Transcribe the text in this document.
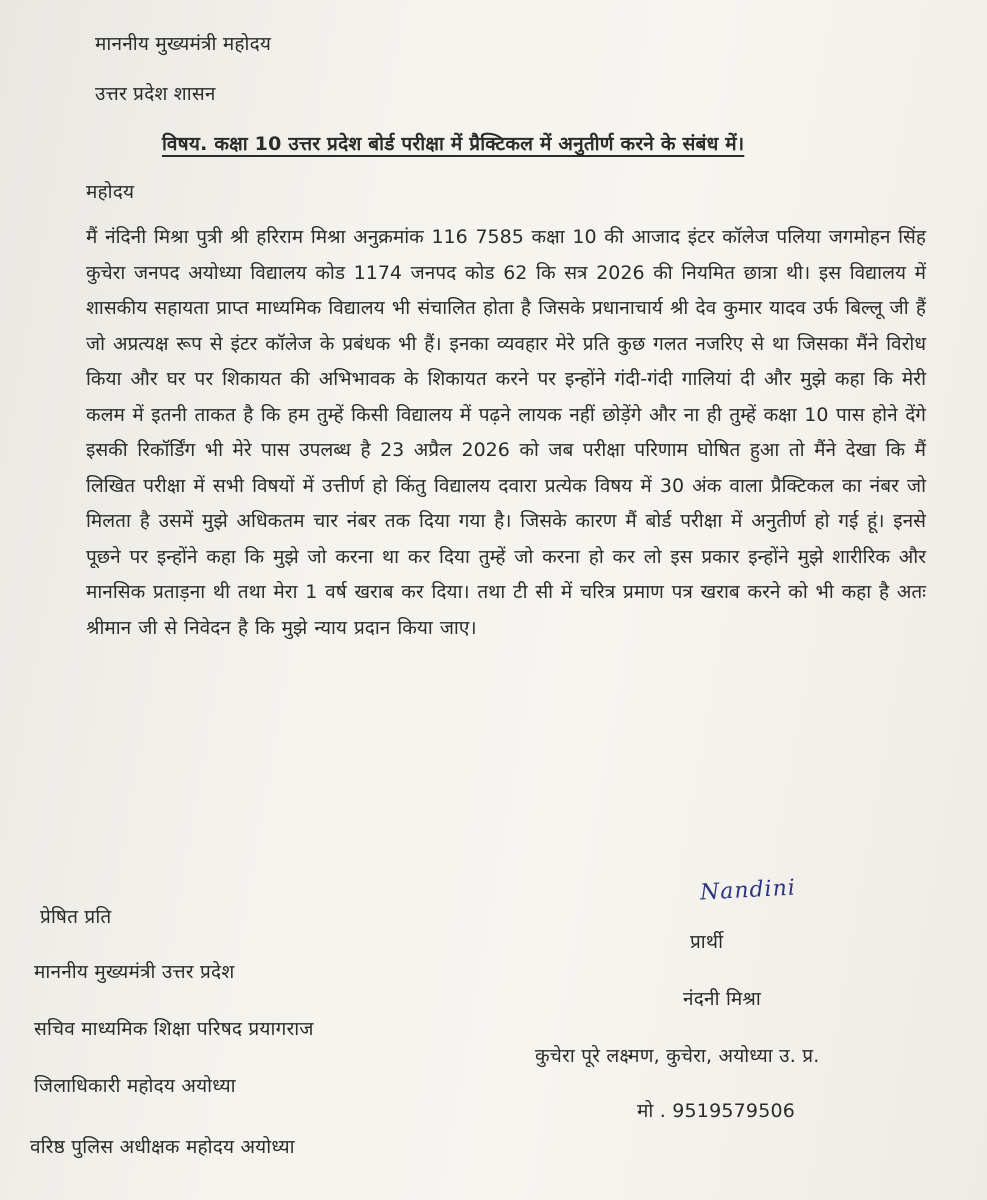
माननीय मुख्यमंत्री महोदय
उत्तर प्रदेश शासन
विषय. कक्षा 10 उत्तर प्रदेश बोर्ड परीक्षा में प्रैक्टिकल में अनुतीर्ण करने के संबंध में।
महोदय

मैं नंदिनी मिश्रा पुत्री श्री हरिराम मिश्रा अनुक्रमांक 116 7585 कक्षा 10 की आजाद इंटर कॉलेज पलिया जगमोहन सिंह कुचेरा जनपद अयोध्या विद्यालय कोड 1174 जनपद कोड 62 कि सत्र 2026 की नियमित छात्रा थी। इस विद्यालय में शासकीय सहायता प्राप्त माध्यमिक विद्यालय भी संचालित होता है जिसके प्रधानाचार्य श्री देव कुमार यादव उर्फ बिल्लू जी हैं जो अप्रत्यक्ष रूप से इंटर कॉलेज के प्रबंधक भी हैं। इनका व्यवहार मेरे प्रति कुछ गलत नजरिए से था जिसका मैंने विरोध किया और घर पर शिकायत की अभिभावक के शिकायत करने पर इन्होंने गंदी-गंदी गालियां दी और मुझे कहा कि मेरी कलम में इतनी ताकत है कि हम तुम्हें किसी विद्यालय में पढ़ने लायक नहीं छोड़ेंगे और ना ही तुम्हें कक्षा 10 पास होने देंगे इसकी रिकॉर्डिंग भी मेरे पास उपलब्ध है 23 अप्रैल 2026 को जब परीक्षा परिणाम घोषित हुआ तो मैंने देखा कि मैं लिखित परीक्षा में सभी विषयों में उत्तीर्ण हो किंतु विद्यालय दवारा प्रत्येक विषय में 30 अंक वाला प्रैक्टिकल का नंबर जो मिलता है उसमें मुझे अधिकतम चार नंबर तक दिया गया है। जिसके कारण मैं बोर्ड परीक्षा में अनुतीर्ण हो गई हूं। इनसे पूछने पर इन्होंने कहा कि मुझे जो करना था कर दिया तुम्हें जो करना हो कर लो इस प्रकार इन्होंने मुझे शारीरिक और मानसिक प्रताड़ना थी तथा मेरा 1 वर्ष खराब कर दिया। तथा टी सी में चरित्र प्रमाण पत्र खराब करने को भी कहा है अतः श्रीमान जी से निवेदन है कि मुझे न्याय प्रदान किया जाए।

प्रेषित प्रति
माननीय मुख्यमंत्री उत्तर प्रदेश
सचिव माध्यमिक शिक्षा परिषद प्रयागराज
जिलाधिकारी महोदय अयोध्या
वरिष्ठ पुलिस अधीक्षक महोदय अयोध्या
Nandini
प्रार्थी
नंदनी मिश्रा
कुचेरा पूरे लक्ष्मण, कुचेरा, अयोध्या उ. प्र.
मो . 9519579506
